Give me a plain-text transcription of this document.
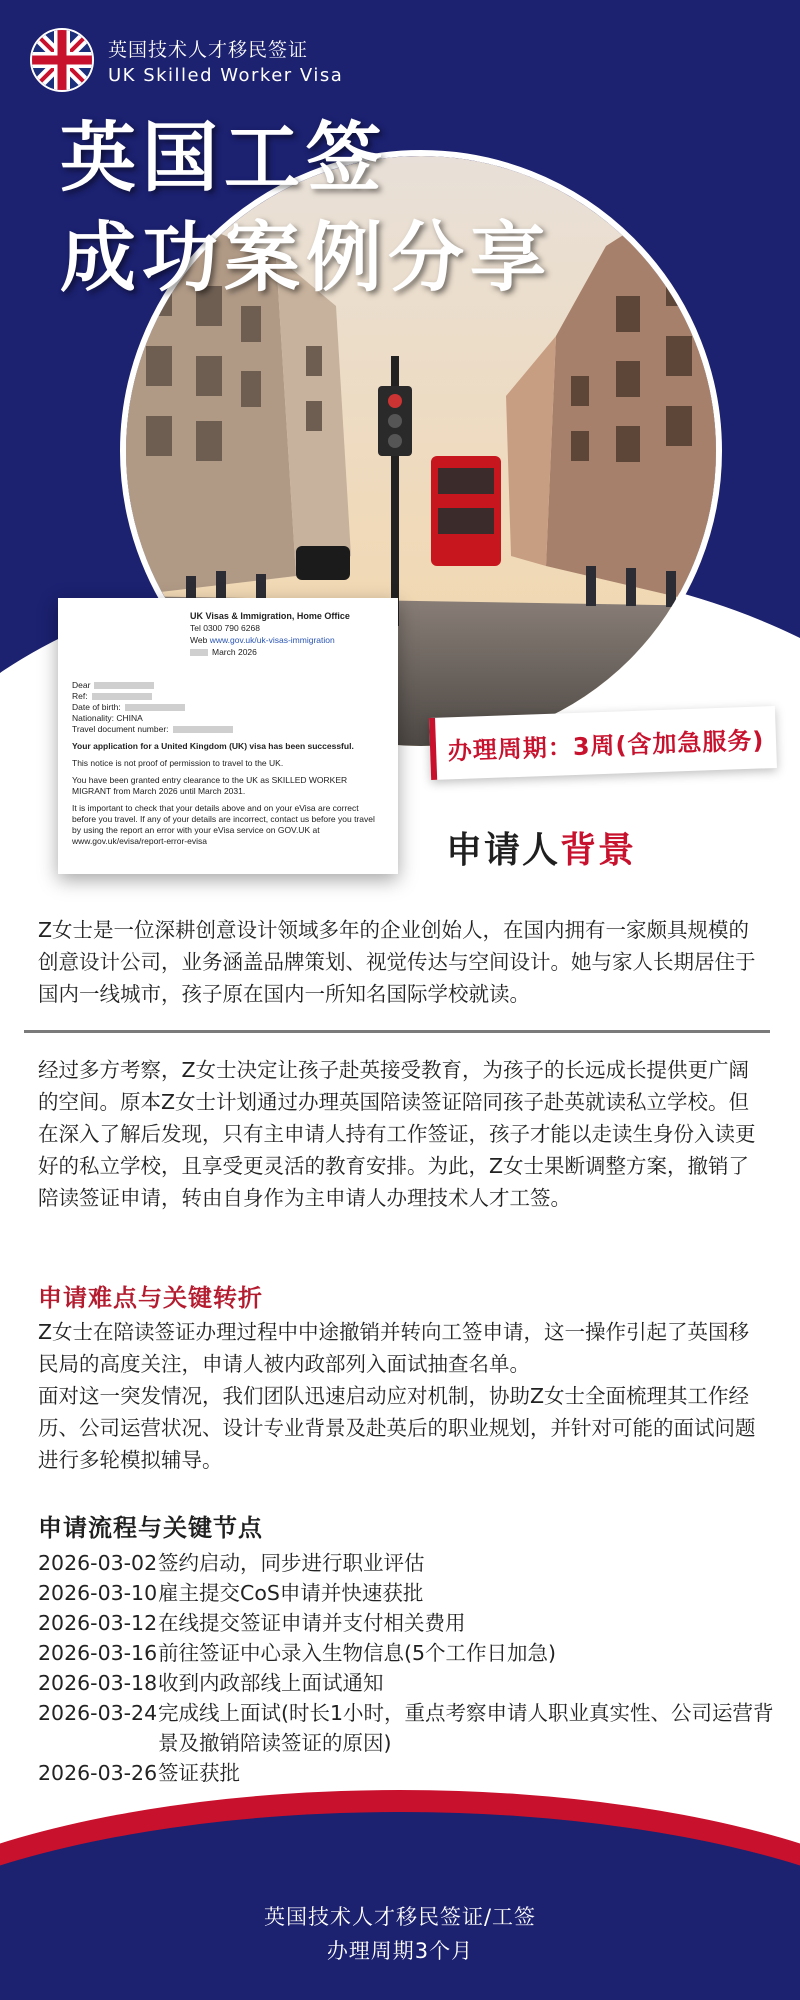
英国技术人才移民签证
UK Skilled Worker Visa
英国工签
成功案例分享
UK Visas & Immigration, Home Office
Tel 0300 790 6268
Web www.gov.uk/uk-visas-immigration
March 2026
Dear
Ref:
Date of birth:
Nationality: CHINA
Travel document number:

Your application for a United Kingdom (UK) visa has been successful.

This notice is not proof of permission to travel to the UK.

You have been granted entry clearance to the UK as SKILLED WORKER MIGRANT from March 2026 until March 2031.

It is important to check that your details above and on your eVisa are correct before you travel. If any of your details are incorrect, contact us before you travel by using the report an error with your eVisa service on GOV.UK at www.gov.uk/evisa/report-error-evisa

办理周期：3周(含加急服务)
申请人背景
Z女士是一位深耕创意设计领域多年的企业创始人，在国内拥有一家颇具规模的创意设计公司，业务涵盖品牌策划、视觉传达与空间设计。她与家人长期居住于国内一线城市，孩子原在国内一所知名国际学校就读。
经过多方考察，Z女士决定让孩子赴英接受教育，为孩子的长远成长提供更广阔的空间。原本Z女士计划通过办理英国陪读签证陪同孩子赴英就读私立学校。但在深入了解后发现，只有主申请人持有工作签证，孩子才能以走读生身份入读更好的私立学校，且享受更灵活的教育安排。为此，Z女士果断调整方案，撤销了陪读签证申请，转由自身作为主申请人办理技术人才工签。
申请难点与关键转折
Z女士在陪读签证办理过程中中途撤销并转向工签申请，这一操作引起了英国移民局的高度关注，申请人被内政部列入面试抽查名单。
面对这一突发情况，我们团队迅速启动应对机制，协助Z女士全面梳理其工作经历、公司运营状况、设计专业背景及赴英后的职业规划，并针对可能的面试问题进行多轮模拟辅导。
申请流程与关键节点
2026-03-02 签约启动，同步进行职业评估
2026-03-10 雇主提交CoS申请并快速获批
2026-03-12 在线提交签证申请并支付相关费用
2026-03-16 前往签证中心录入生物信息(5个工作日加急)
2026-03-18 收到内政部线上面试通知
2026-03-24 完成线上面试(时长1小时，重点考察申请人职业真实性、公司运营背景及撤销陪读签证的原因)
2026-03-26 签证获批
英国技术人才移民签证/工签
办理周期3个月
